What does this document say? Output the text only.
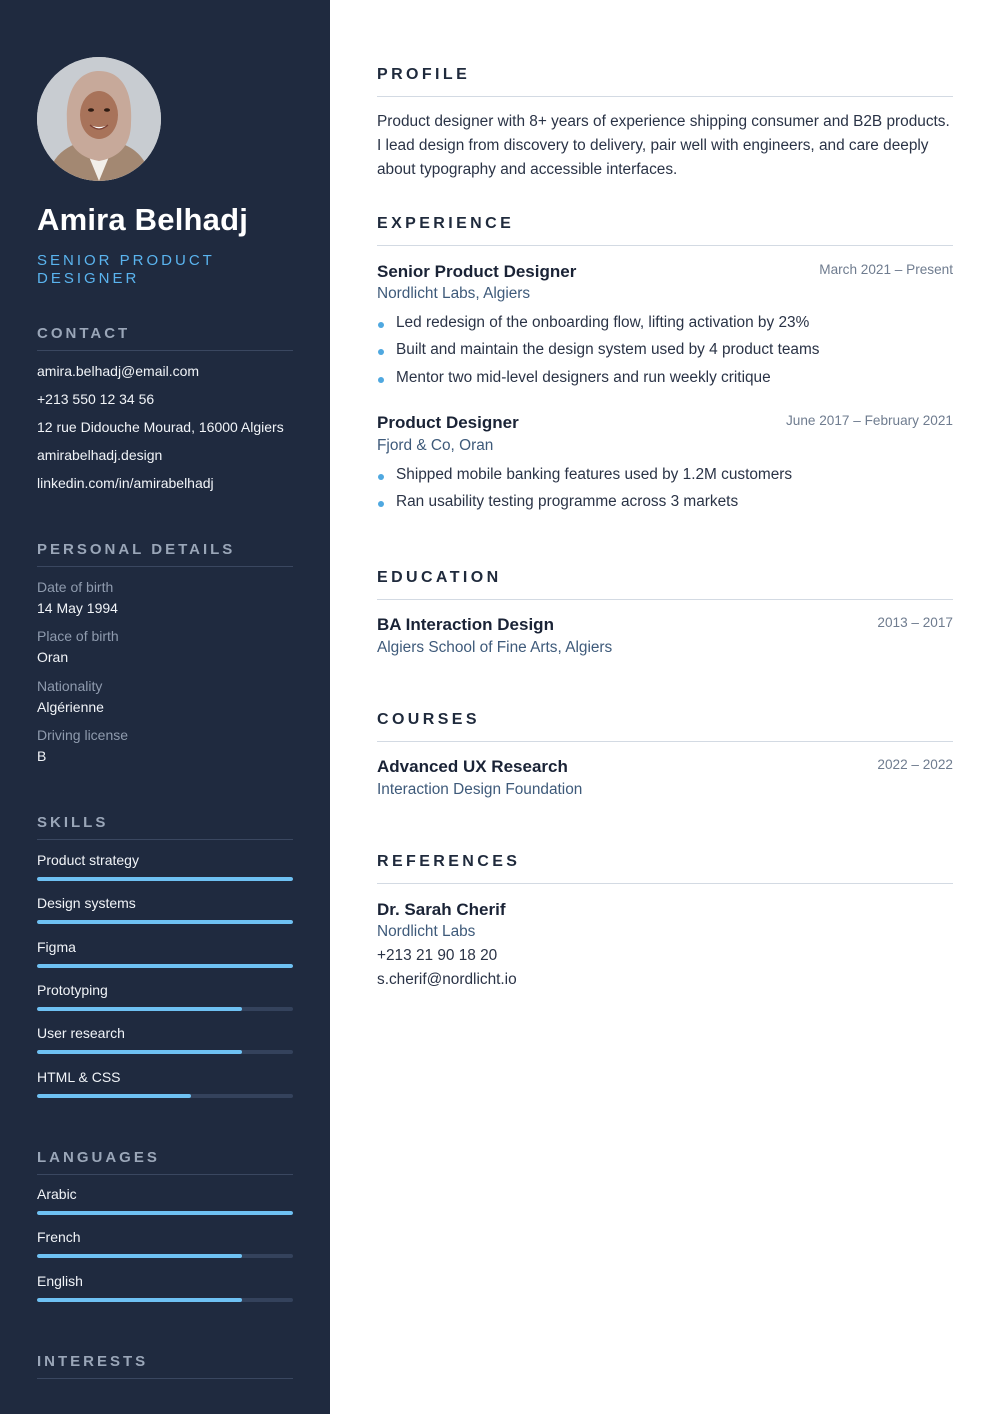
Amira Belhadj
SENIOR PRODUCT DESIGNER
CONTACT
amira.belhadj@email.com
+213 550 12 34 56
12 rue Didouche Mourad, 16000 Algiers
amirabelhadj.design
linkedin.com/in/amirabelhadj
PERSONAL DETAILS
Date of birth
14 May 1994
Place of birth
Oran
Nationality
Algérienne
Driving license
B
SKILLS
Product strategy
Design systems
Figma
Prototyping
User research
HTML & CSS
LANGUAGES
Arabic
French
English
INTERESTS
PROFILE

Product designer with 8+ years of experience shipping consumer and B2B products. I lead design from discovery to delivery, pair well with engineers, and care deeply about typography and accessible interfaces.

EXPERIENCE
Senior Product Designer	March 2021 – Present
Nordlicht Labs, Algiers
Led redesign of the onboarding flow, lifting activation by 23%
Built and maintain the design system used by 4 product teams
Mentor two mid-level designers and run weekly critique
Product Designer	June 2017 – February 2021
Fjord & Co, Oran
Shipped mobile banking features used by 1.2M customers
Ran usability testing programme across 3 markets
EDUCATION
BA Interaction Design	2013 – 2017
Algiers School of Fine Arts, Algiers
COURSES
Advanced UX Research	2022 – 2022
Interaction Design Foundation
REFERENCES
Dr. Sarah Cherif
Nordlicht Labs
+213 21 90 18 20
s.cherif@nordlicht.io
